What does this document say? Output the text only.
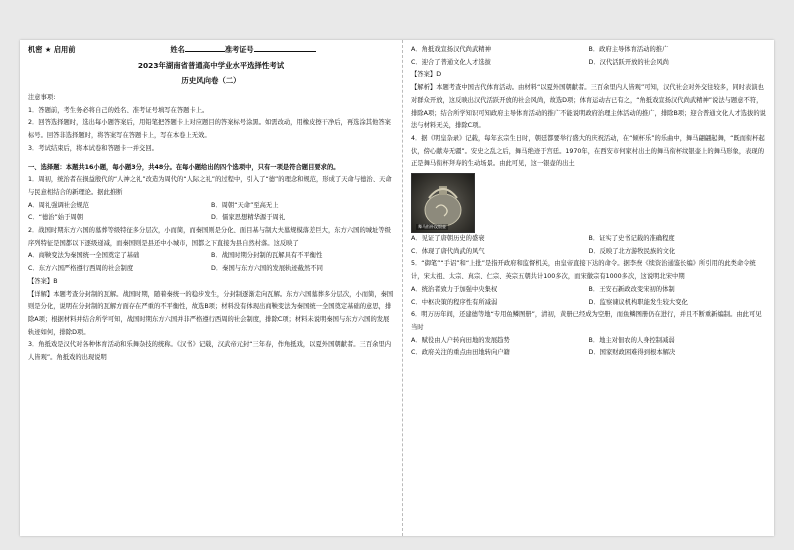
机密 ★ 启用前	姓名	准考证号

2023年湖南省普通高中学业水平选择性考试

历史风向卷（二）

注意事项:

1．答题前，考生务必将自己的姓名、准考证号填写在答题卡上。

2．回答选择题时，选出每小题答案后，用铅笔把答题卡上对应题目的答案标号涂黑。如需改动，用橡皮擦干净后，再选涂其他答案标号。回答非选择题时，将答案写在答题卡上，写在本卷上无效。

3．考试结束后，将本试卷和答题卡一并交回。

一、选择题：本题共16小题，每小题3分，共48分。在每小题给出的四个选项中，只有一项是符合题目要求的。

1．周初，统治者在损益殷代的“人神之礼”改造为周代的“人际之礼”的过程中，引入了“德”的理念和规范，形成了天命与德治、天命与民意相结合的新理论。据此推断

A．周礼强调社会规范	B．周朝“天命”至高无上
C．“德治”始于周朝	D．儒家思想精华源于周礼

2．战国时期东方六国的墓葬等级特征多分层次，小而简，而秦国则是分化、面目基与制大夫墓规模落差巨大，东方六国的城址等级序列特征是国都以下逐级递减，而秦国则是县还中小城市，国都之下直接为县自然村落。这反映了

A．商鞅变法为秦国统一全国奠定了基础	B．战国时期分封制的瓦解具有不平衡性
C．东方六国严格遵行西周的社会制度	D．秦国与东方六国的发展轨迹截然不同

【答案】B

【详解】本题考查分封制的瓦解。战国时期，随着秦统一的稳步发生，分封制逐渐走向瓦解。东方六国墓葬多分层次，小而简，秦国则是分化，说明在分封制的瓦解方面存在严重的不平衡性，故选B项；材料没有体现出商鞅变法为秦国统一全国奠定基础的意思，排除A项；根据材料并结合所学可知，战国时期东方六国并非严格遵行西周的社会制度，排除C项；材料未说明秦国与东方六国的发展轨迹如何，排除D项。

3．角抵戏是汉代对各种体育活动和乐舞杂技的统称。《汉书》记载，汉武帝元封“三年春，作角抵戏，以夏外国朝献者。三百余里内人皆观”。角抵戏的出现说明

A．角抵戏宣扬汉代尚武精神	B．政府主导体育活动的推广
C．迎合了普通文化人才选拔	D．汉代活跃开放的社会风尚

【答案】D

【解析】本题考查中国古代体育活动。由材料“以夏外国朝献者。三百余里内人皆观”可知，汉代社会对外交往较多，同时表演也对群众开放，这反映出汉代活跃开放的社会风尚，故选D项；体育运动古已有之，“角抵戏宣扬汉代尚武精神”说法与题意不符，排除A项；结合所学知识可知政府主导体育活动的推广不能说明政府治理主体活动的推广，排除B项；迎合普通文化人才选拔的说法与材料无关，排除C项。

4．据《明皇杂录》记载，每年玄宗生日时，朝廷都要举行盛大的庆祝活动，在“倾杯乐”的乐曲中，舞马翩翩起舞，“既而衔杯起伏，傍心献寿无疆”。安史之乱之后，舞马绝迹于宫廷。1970年，在西安市何家村出土的舞马衔杯纹银壶上的舞马形象，表现的正是舞马衔杯拜寿的生动场景。由此可见，这一银壶的出土

舞马衔杯纹银壶
A．见证了唐朝历史的盛衰	B．证实了史书记载的准确程度
C．体现了唐代尚武的风气	D．反映了北方游牧民族的文化

5．“御笔”“手诏”和“上批”是指开政府和监督机关，由皇帝直接下达的命令。据李焘《续资治通鉴长编》所引用的此类命令统计，宋太祖、太宗、真宗、仁宗、英宗五朝共计100多次，而宋徽宗有1000多次，这说明北宋中期

A．统治者致力于加强中央集权	B．王安石新政改变宋初的体制
C．中枢决策的程序性有所减弱	D．监察谏议机构职能发生较大变化

6．明万历年间，还建德等地“专用鱼鳞图册”，清初，黄册已经成为空册，而鱼鳞图册仍在进行，并且不断重新编制。由此可见当时

A．赋役由人户转向田地的发展趋势	B．地主对佃农的人身控制减弱
C．政府关注的重点由田地转向户籍	D．国家财政困难得到根本解决
